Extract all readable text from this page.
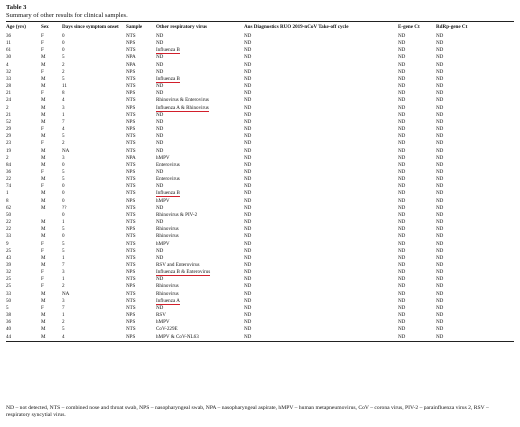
Table 3
Summary of other results for clinical samples.
Age (yrs)	Sex	Days since symptom onset	Sample	Other respiratory virus	Aus Diagnostics RUO 2019-nCoV Take-off cycle	E-gene Ct	RdRp-gene Ct
36	F	0	NTS	ND	ND	ND	ND
11	F	0	NPS	ND	ND	ND	ND
61	F	0	NTS	Influenza B	ND	ND	ND
30	M	5	NPA	ND	ND	ND	ND
4	M	2	NPA	ND	ND	ND	ND
32	F	2	NPS	ND	ND	ND	ND
33	M	5	NTS	Influenza B	ND	ND	ND
28	M	11	NTS	ND	ND	ND	ND
21	F	8	NPS	ND	ND	ND	ND
24	M	4	NTS	Rhinovirus & Enterovirus	ND	ND	ND
2	M	3	NPS	Influenza A & Rhinovirus	ND	ND	ND
21	M	1	NTS	ND	ND	ND	ND
52	M	7	NPS	ND	ND	ND	ND
29	F	4	NPS	ND	ND	ND	ND
29	M	5	NTS	ND	ND	ND	ND
23	F	2	NTS	ND	ND	ND	ND
19	M	NA	NTS	ND	ND	ND	ND
2	M	3	NPA	hMPV	ND	ND	ND
84	M	0	NTS	Enterovirus	ND	ND	ND
36	F	5	NPS	ND	ND	ND	ND
22	M	5	NTS	Enterovirus	ND	ND	ND
74	F	0	NTS	ND	ND	ND	ND
1	M	0	NTS	Influenza B	ND	ND	ND
8	M	0	NPS	hMPV	ND	ND	ND
62	M	??	NTS	ND	ND	ND	ND
50		0	NTS	Rhinovirus & PIV-2	ND	ND	ND
22	M	1	NTS	ND	ND	ND	ND
22	M	5	NPS	Rhinovirus	ND	ND	ND
33	M	0	NTS	Rhinovirus	ND	ND	ND
9	F	5	NTS	hMPV	ND	ND	ND
25	F	5	NTS	ND	ND	ND	ND
43	M	1	NTS	ND	ND	ND	ND
39	M	7	NTS	RSV and Enterovirus	ND	ND	ND
32	F	3	NPS	Influenza B & Enterovirus	ND	ND	ND
25	F	1	NTS	ND	ND	ND	ND
25	F	2	NPS	Rhinovirus	ND	ND	ND
33	M	NA	NTS	Rhinovirus	ND	ND	ND
50	M	3	NTS	Influenza A	ND	ND	ND
5	F	7	NTS	ND	ND	ND	ND
38	M	1	NPS	RSV	ND	ND	ND
36	M	2	NPS	hMPV	ND	ND	ND
40	M	5	NTS	CoV-229E	ND	ND	ND
44	M	4	NPS	hMPV & CoV-NL63	ND	ND	ND
ND – not detected, NTS – combined nose and throat swab, NPS – nasopharyngeal swab, NPA – nasopharyngeal aspirate, hMPV – human metapneumovirus, CoV – corona virus, PIV-2 – parainfluenza virus 2, RSV – respiratory syncytial virus.
